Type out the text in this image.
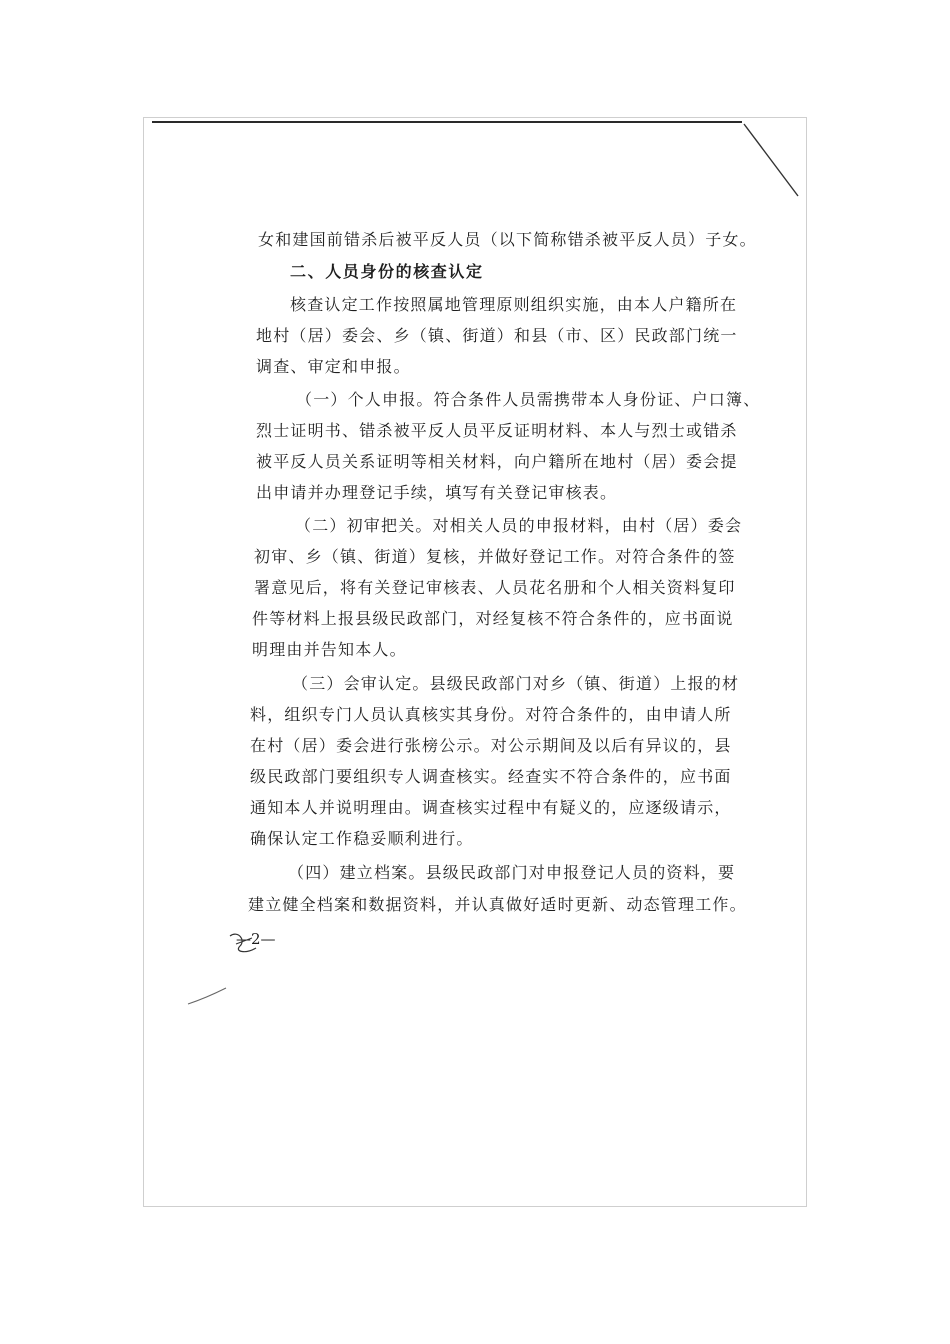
女和建国前错杀后被平反人员（以下简称错杀被平反人员）子女。
二、人员身份的核查认定
核查认定工作按照属地管理原则组织实施，由本人户籍所在
地村（居）委会、乡（镇、街道）和县（市、区）民政部门统一
调查、审定和申报。
（一）个人申报。符合条件人员需携带本人身份证、户口簿、
烈士证明书、错杀被平反人员平反证明材料、本人与烈士或错杀
被平反人员关系证明等相关材料，向户籍所在地村（居）委会提
出申请并办理登记手续，填写有关登记审核表。
（二）初审把关。对相关人员的申报材料，由村（居）委会
初审、乡（镇、街道）复核，并做好登记工作。对符合条件的签
署意见后，将有关登记审核表、人员花名册和个人相关资料复印
件等材料上报县级民政部门，对经复核不符合条件的，应书面说
明理由并告知本人。
（三）会审认定。县级民政部门对乡（镇、街道）上报的材
料，组织专门人员认真核实其身份。对符合条件的，由申请人所
在村（居）委会进行张榜公示。对公示期间及以后有异议的，县
级民政部门要组织专人调查核实。经查实不符合条件的，应书面
通知本人并说明理由。调查核实过程中有疑义的，应逐级请示，
确保认定工作稳妥顺利进行。
（四）建立档案。县级民政部门对申报登记人员的资料，要
建立健全档案和数据资料，并认真做好适时更新、动态管理工作。
—2—
